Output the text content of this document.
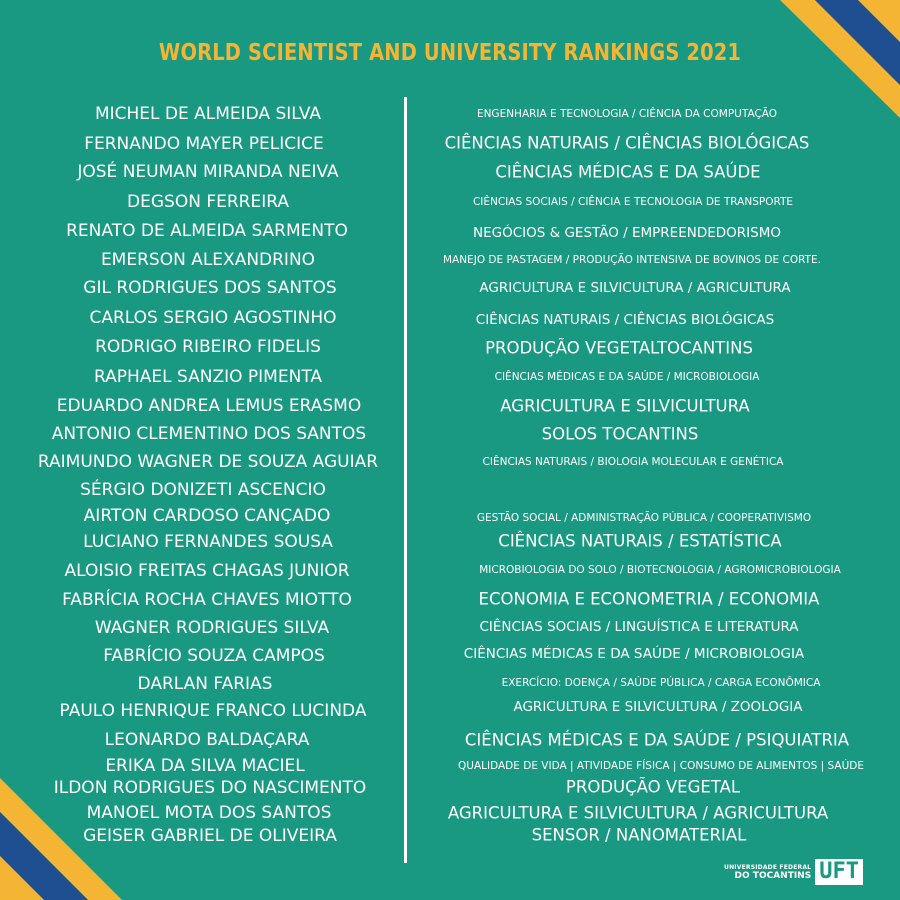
WORLD SCIENTIST AND UNIVERSITY RANKINGS 2021
MICHEL DE ALMEIDA SILVA
FERNANDO MAYER PELICICE
JOSÉ NEUMAN MIRANDA NEIVA
DEGSON FERREIRA
RENATO DE ALMEIDA SARMENTO
EMERSON ALEXANDRINO
GIL RODRIGUES DOS SANTOS
CARLOS SERGIO AGOSTINHO
RODRIGO RIBEIRO FIDELIS
RAPHAEL SANZIO PIMENTA
EDUARDO ANDREA LEMUS ERASMO
ANTONIO CLEMENTINO DOS SANTOS
RAIMUNDO WAGNER DE SOUZA AGUIAR
SÉRGIO DONIZETI ASCENCIO
AIRTON CARDOSO CANÇADO
LUCIANO FERNANDES SOUSA
ALOISIO FREITAS CHAGAS JUNIOR
FABRÍCIA ROCHA CHAVES MIOTTO
WAGNER RODRIGUES SILVA
FABRÍCIO SOUZA CAMPOS
DARLAN FARIAS
PAULO HENRIQUE FRANCO LUCINDA
LEONARDO BALDAÇARA
ERIKA DA SILVA MACIEL
ILDON RODRIGUES DO NASCIMENTO
MANOEL MOTA DOS SANTOS
GEISER GABRIEL DE OLIVEIRA
ENGENHARIA E TECNOLOGIA / CIÊNCIA DA COMPUTAÇÃO
CIÊNCIAS NATURAIS / CIÊNCIAS BIOLÓGICAS
CIÊNCIAS MÉDICAS E DA SAÚDE
CIÊNCIAS SOCIAIS / CIÊNCIA E TECNOLOGIA DE TRANSPORTE
NEGÓCIOS & GESTÃO / EMPREENDEDORISMO
MANEJO DE PASTAGEM / PRODUÇÃO INTENSIVA DE BOVINOS DE CORTE.
AGRICULTURA E SILVICULTURA / AGRICULTURA
CIÊNCIAS NATURAIS / CIÊNCIAS BIOLÓGICAS
PRODUÇÃO VEGETALTOCANTINS
CIÊNCIAS MÉDICAS E DA SAÚDE / MICROBIOLOGIA
AGRICULTURA E SILVICULTURA
SOLOS TOCANTINS
CIÊNCIAS NATURAIS / BIOLOGIA MOLECULAR E GENÉTICA
GESTÃO SOCIAL / ADMINISTRAÇÃO PÚBLICA / COOPERATIVISMO
CIÊNCIAS NATURAIS / ESTATÍSTICA
MICROBIOLOGIA DO SOLO / BIOTECNOLOGIA / AGROMICROBIOLOGIA
ECONOMIA E ECONOMETRIA / ECONOMIA
CIÊNCIAS SOCIAIS / LINGUÍSTICA E LITERATURA
CIÊNCIAS MÉDICAS E DA SAÚDE / MICROBIOLOGIA
EXERCÍCIO: DOENÇA / SAÚDE PÚBLICA / CARGA ECONÔMICA
AGRICULTURA E SILVICULTURA / ZOOLOGIA
CIÊNCIAS MÉDICAS E DA SAÚDE / PSIQUIATRIA
QUALIDADE DE VIDA | ATIVIDADE FÍSICA | CONSUMO DE ALIMENTOS | SAÚDE
PRODUÇÃO VEGETAL
AGRICULTURA E SILVICULTURA / AGRICULTURA
SENSOR / NANOMATERIAL
UNIVERSIDADE FEDERAL
DO TOCANTINS UFT
